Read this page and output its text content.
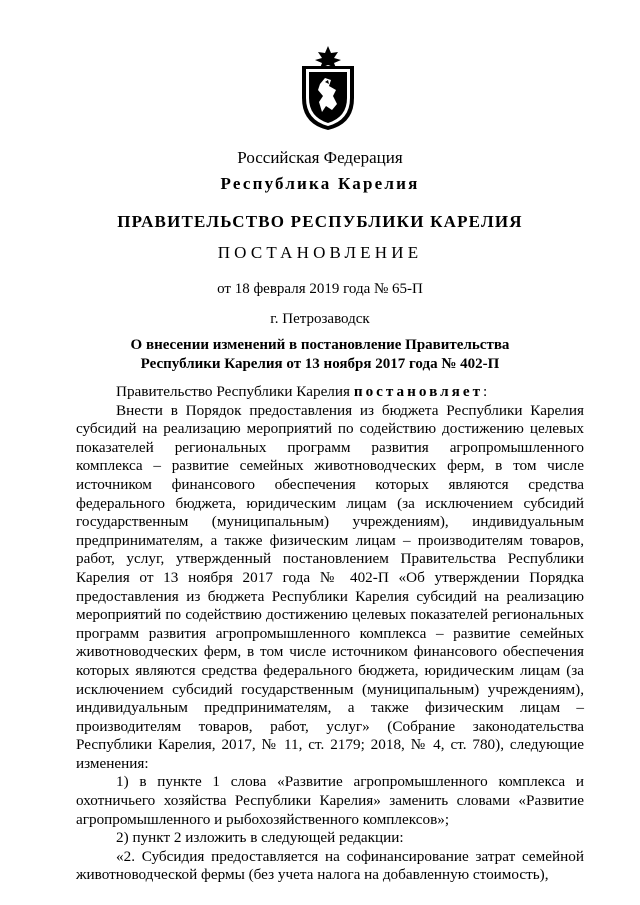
Российская Федерация
Республика Карелия
ПРАВИТЕЛЬСТВО РЕСПУБЛИКИ КАРЕЛИЯ
ПОСТАНОВЛЕНИЕ
от 18 февраля 2019 года № 65-П
г. Петрозаводск
О внесении изменений в постановление Правительства
Республики Карелия от 13 ноября 2017 года № 402-П

Правительство Республики Карелия постановляет:

Внести в Порядок предоставления из бюджета Республики Карелия субсидий на реализацию мероприятий по содействию достижению целевых показателей региональных программ развития агропромышленного комплекса – развитие семейных животноводческих ферм, в том числе источником финансового обеспечения которых являются средства федерального бюджета, юридическим лицам (за исключением субсидий государственным (муниципальным) учреждениям), индивидуальным предпринимателям, а также физическим лицам – производителям товаров, работ, услуг, утвержденный постановлением Правительства Республики Карелия от 13 ноября 2017 года № 402-П «Об утверждении Порядка предоставления из бюджета Республики Карелия субсидий на реализацию мероприятий по содействию достижению целевых показателей региональных программ развития агропромышленного комплекса – развитие семейных животноводческих ферм, в том числе источником финансового обеспечения которых являются средства федерального бюджета, юридическим лицам (за исключением субсидий государственным (муниципальным) учреждениям), индивидуальным предпринимателям, а также физическим лицам – производителям товаров, работ, услуг» (Собрание законодательства Республики Карелия, 2017, № 11, ст. 2179; 2018, № 4, ст. 780), следующие изменения:

1) в пункте 1 слова «Развитие агропромышленного комплекса и охотничьего хозяйства Республики Карелия» заменить словами «Развитие агропромышленного и рыбохозяйственного комплексов»;

2) пункт 2 изложить в следующей редакции:

«2. Субсидия предоставляется на софинансирование затрат семейной животноводческой фермы (без учета налога на добавленную стоимость),
